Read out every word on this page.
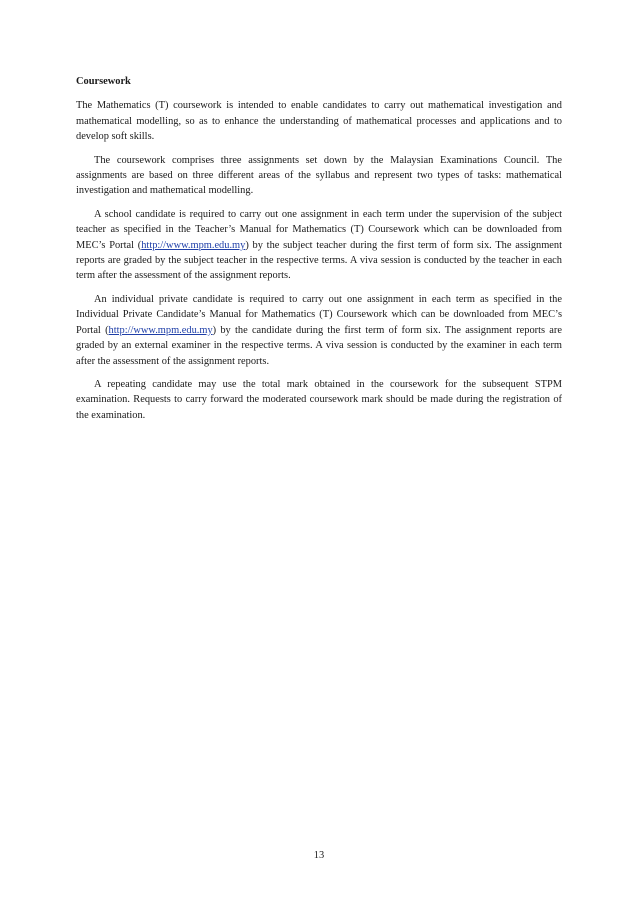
Coursework

The Mathematics (T) coursework is intended to enable candidates to carry out mathematical investigation and mathematical modelling, so as to enhance the understanding of mathematical processes and applications and to develop soft skills.

The coursework comprises three assignments set down by the Malaysian Examinations Council. The assignments are based on three different areas of the syllabus and represent two types of tasks: mathematical investigation and mathematical modelling.

A school candidate is required to carry out one assignment in each term under the supervision of the subject teacher as specified in the Teacher’s Manual for Mathematics (T) Coursework which can be downloaded from MEC’s Portal (http://www.mpm.edu.my) by the subject teacher during the first term of form six. The assignment reports are graded by the subject teacher in the respective terms. A viva session is conducted by the teacher in each term after the assessment of the assignment reports.

An individual private candidate is required to carry out one assignment in each term as specified in the Individual Private Candidate’s Manual for Mathematics (T) Coursework which can be downloaded from MEC’s Portal (http://www.mpm.edu.my) by the candidate during the first term of form six. The assignment reports are graded by an external examiner in the respective terms. A viva session is conducted by the examiner in each term after the assessment of the assignment reports.

A repeating candidate may use the total mark obtained in the coursework for the subsequent STPM examination. Requests to carry forward the moderated coursework mark should be made during the registration of the examination.

13
